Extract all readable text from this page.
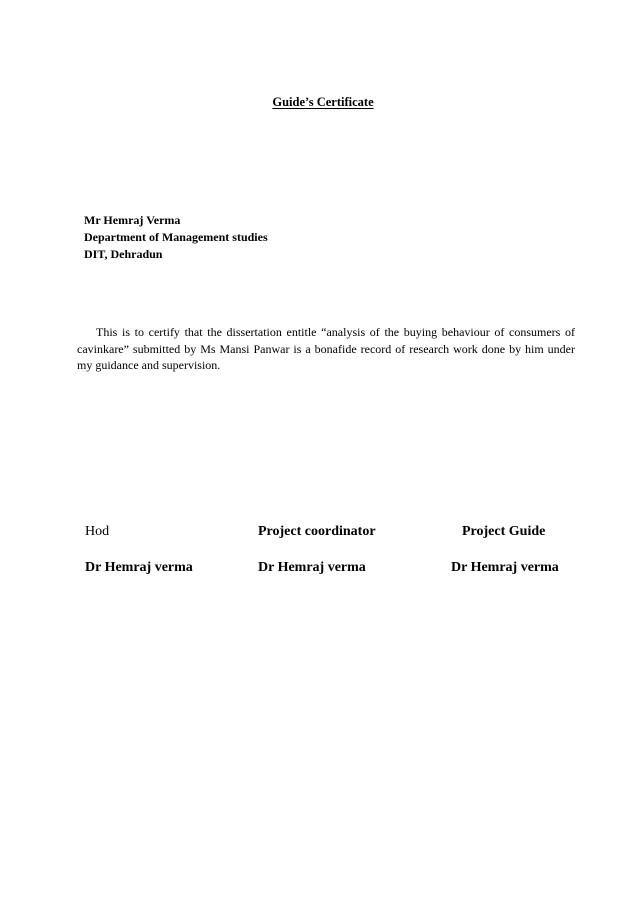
Guide’s Certificate
Mr Hemraj Verma
Department of Management studies
DIT, Dehradun
This is to certify that the dissertation entitle “analysis of the buying behaviour of consumers of cavinkare” submitted by Ms Mansi Panwar is a bonafide record of research work done by him under my guidance and supervision.
Hod
Dr Hemraj verma
Project coordinator
Dr Hemraj verma
Project Guide
Dr Hemraj verma
